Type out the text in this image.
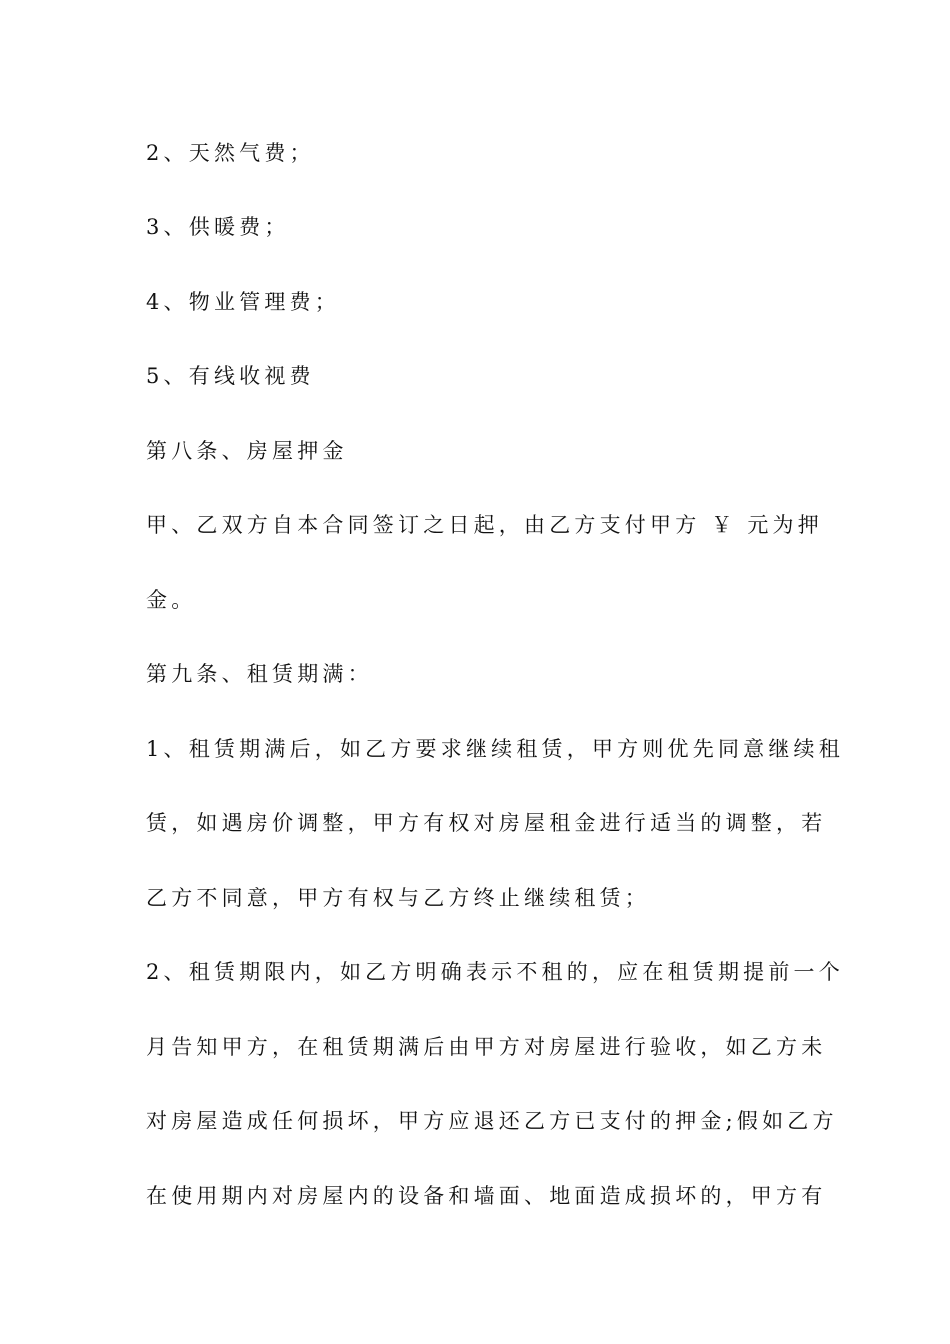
2、天然气费；
3、供暖费；
4、物业管理费；
5、有线收视费
第八条、房屋押金
甲、乙双方自本合同签订之日起，由乙方支付甲方 ￥ 元为押
金。
第九条、租赁期满：
1、租赁期满后，如乙方要求继续租赁，甲方则优先同意继续租
赁，如遇房价调整，甲方有权对房屋租金进行适当的调整，若
乙方不同意，甲方有权与乙方终止继续租赁；
2、租赁期限内，如乙方明确表示不租的，应在租赁期提前一个
月告知甲方，在租赁期满后由甲方对房屋进行验收，如乙方未
对房屋造成任何损坏，甲方应退还乙方已支付的押金;假如乙方
在使用期内对房屋内的设备和墙面、地面造成损坏的，甲方有
